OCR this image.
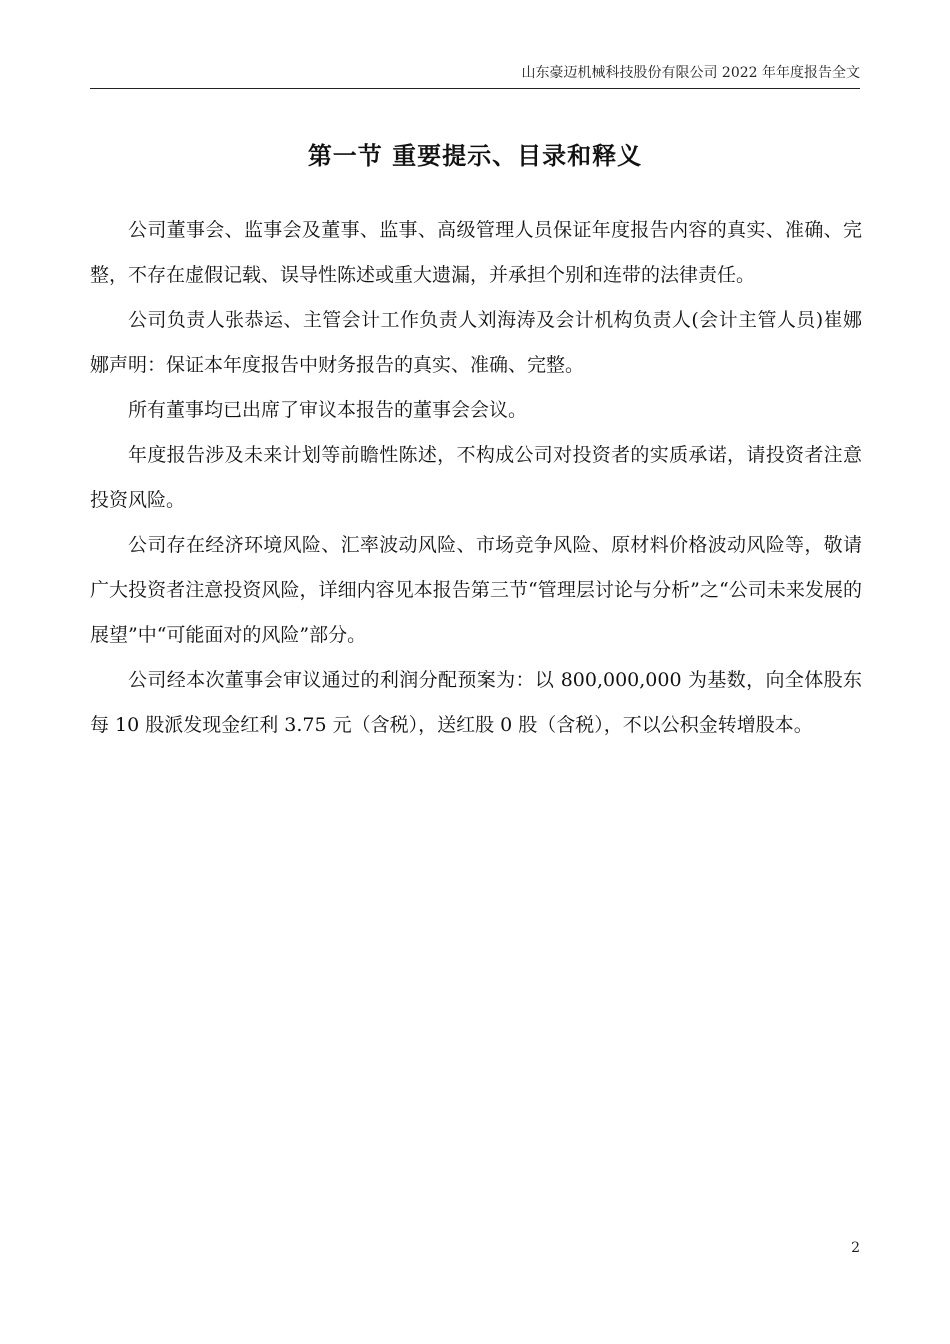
山东豪迈机械科技股份有限公司 2022 年年度报告全文
第一节 重要提示、目录和释义

公司董事会、监事会及董事、监事、高级管理人员保证年度报告内容的真实、准确、完整，不存在虚假记载、误导性陈述或重大遗漏，并承担个别和连带的法律责任。

公司负责人张恭运、主管会计工作负责人刘海涛及会计机构负责人(会计主管人员)崔娜娜声明：保证本年度报告中财务报告的真实、准确、完整。

所有董事均已出席了审议本报告的董事会会议。

年度报告涉及未来计划等前瞻性陈述，不构成公司对投资者的实质承诺，请投资者注意投资风险。

公司存在经济环境风险、汇率波动风险、市场竞争风险、原材料价格波动风险等，敬请广大投资者注意投资风险，详细内容见本报告第三节“管理层讨论与分析”之“公司未来发展的展望”中“可能面对的风险”部分。

公司经本次董事会审议通过的利润分配预案为：以 800,000,000 为基数，向全体股东每 10 股派发现金红利 3.75 元（含税），送红股 0 股（含税），不以公积金转增股本。

2
